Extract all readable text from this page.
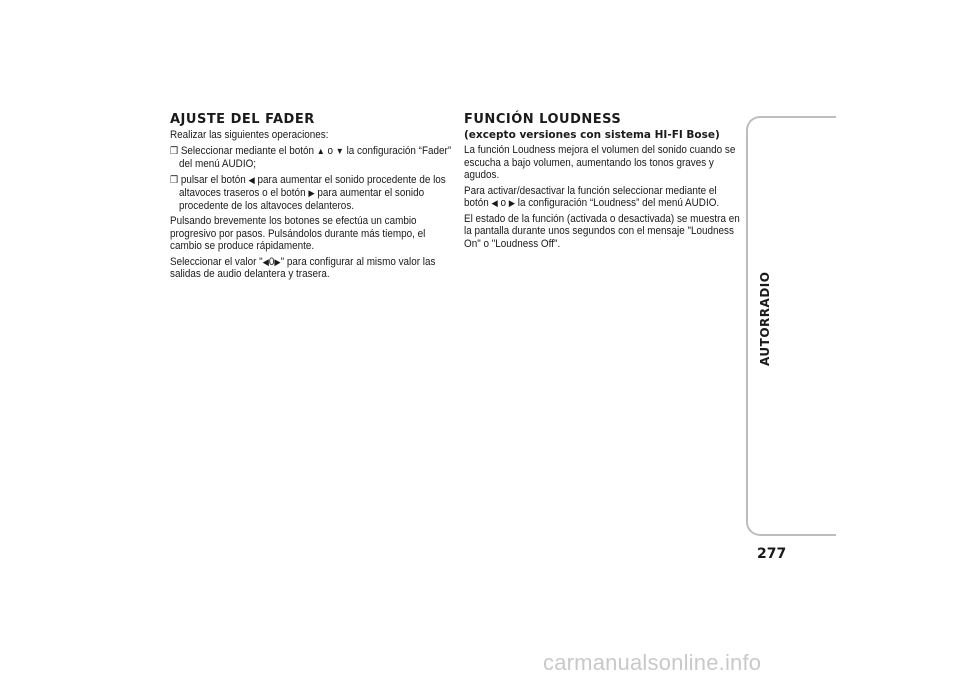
AJUSTE DEL FADER

Realizar las siguientes operaciones:

❒ Seleccionar mediante el botón ▲ o ▼ la configuración “Fader” del menú AUDIO;
❒ pulsar el botón ◀ para aumentar el sonido procedente de los altavoces traseros o el botón ▶ para aumentar el sonido procedente de los altavoces delanteros.

Pulsando brevemente los botones se efectúa un cambio progresivo por pasos. Pulsándolos durante más tiempo, el cambio se produce rápidamente.

Seleccionar el valor "◀0▶" para configurar al mismo valor las salidas de audio delantera y trasera.

FUNCIÓN LOUDNESS
(excepto versiones con sistema HI-FI Bose)

La función Loudness mejora el volumen del sonido cuando se escucha a bajo volumen, aumentando los tonos graves y agudos.

Para activar/desactivar la función seleccionar mediante el botón ◀ o ▶ la configuración “Loudness” del menú AUDIO.

El estado de la función (activada o desactivada) se muestra en la pantalla durante unos segundos con el mensaje "Loudness On" o "Loudness Off".

AUTORRADIO
277
carmanualsonline.info
